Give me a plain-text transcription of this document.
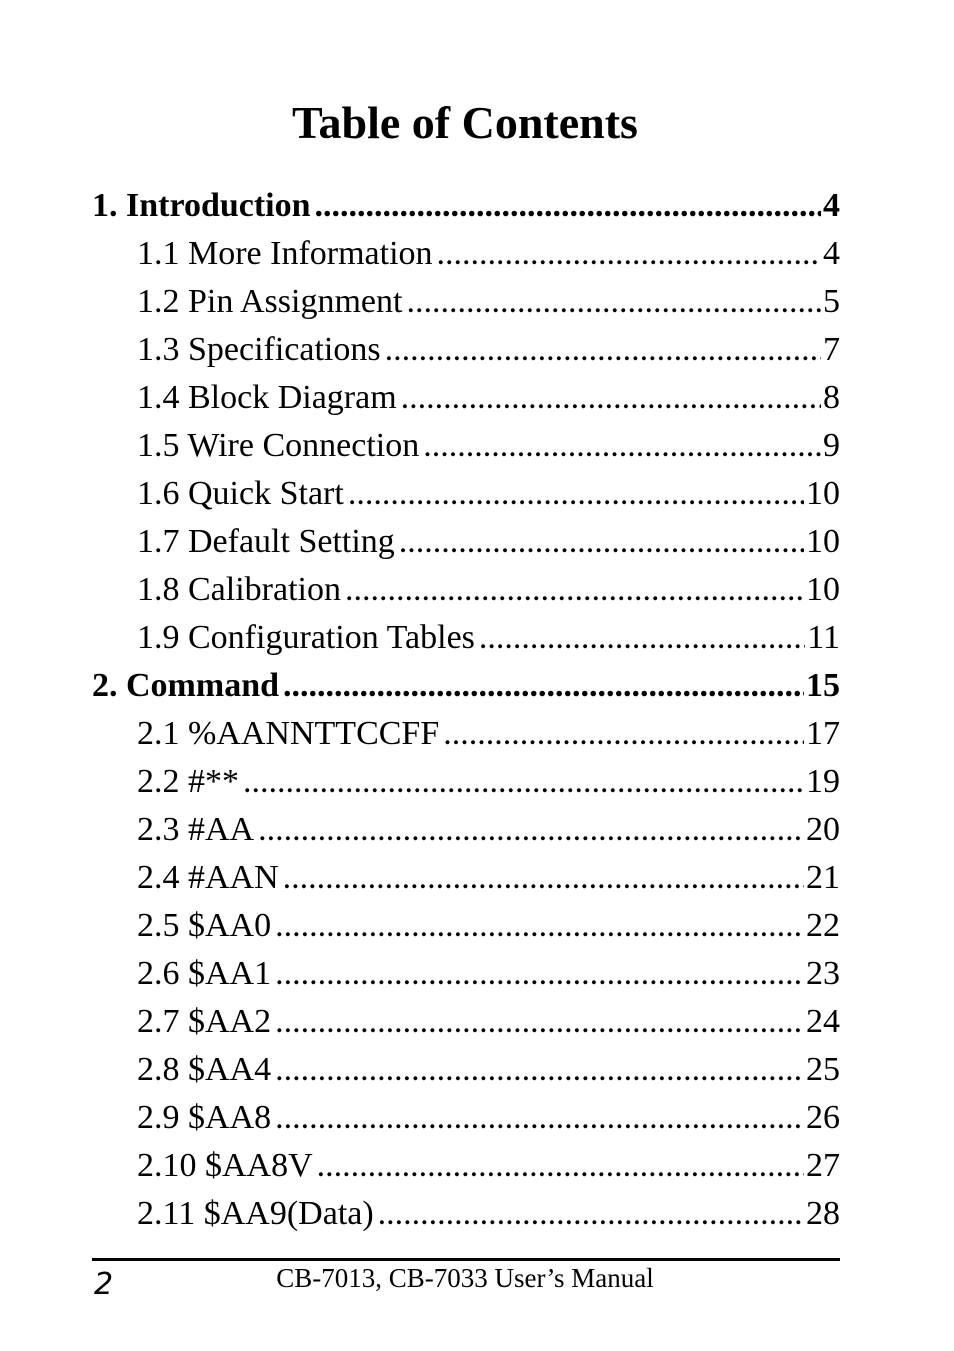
Table of Contents
1. Introduction .....	4
1.1 More Information .....	4
1.2 Pin Assignment .....	5
1.3 Specifications .....	7
1.4 Block Diagram .....	8
1.5 Wire Connection .....	9
1.6 Quick Start .....	10
1.7 Default Setting .....	10
1.8 Calibration .....	10
1.9 Configuration Tables .....	11
2. Command .....	15
2.1 %AANNTTCCFF .....	17
2.2 #** .....	19
2.3 #AA .....	20
2.4 #AAN .....	21
2.5 $AA0 .....	22
2.6 $AA1 .....	23
2.7 $AA2 .....	24
2.8 $AA4 .....	25
2.9 $AA8 .....	26
2.10 $AA8V .....	27
2.11 $AA9(Data) .....	28
2	CB-7013, CB-7033 User’s Manual
